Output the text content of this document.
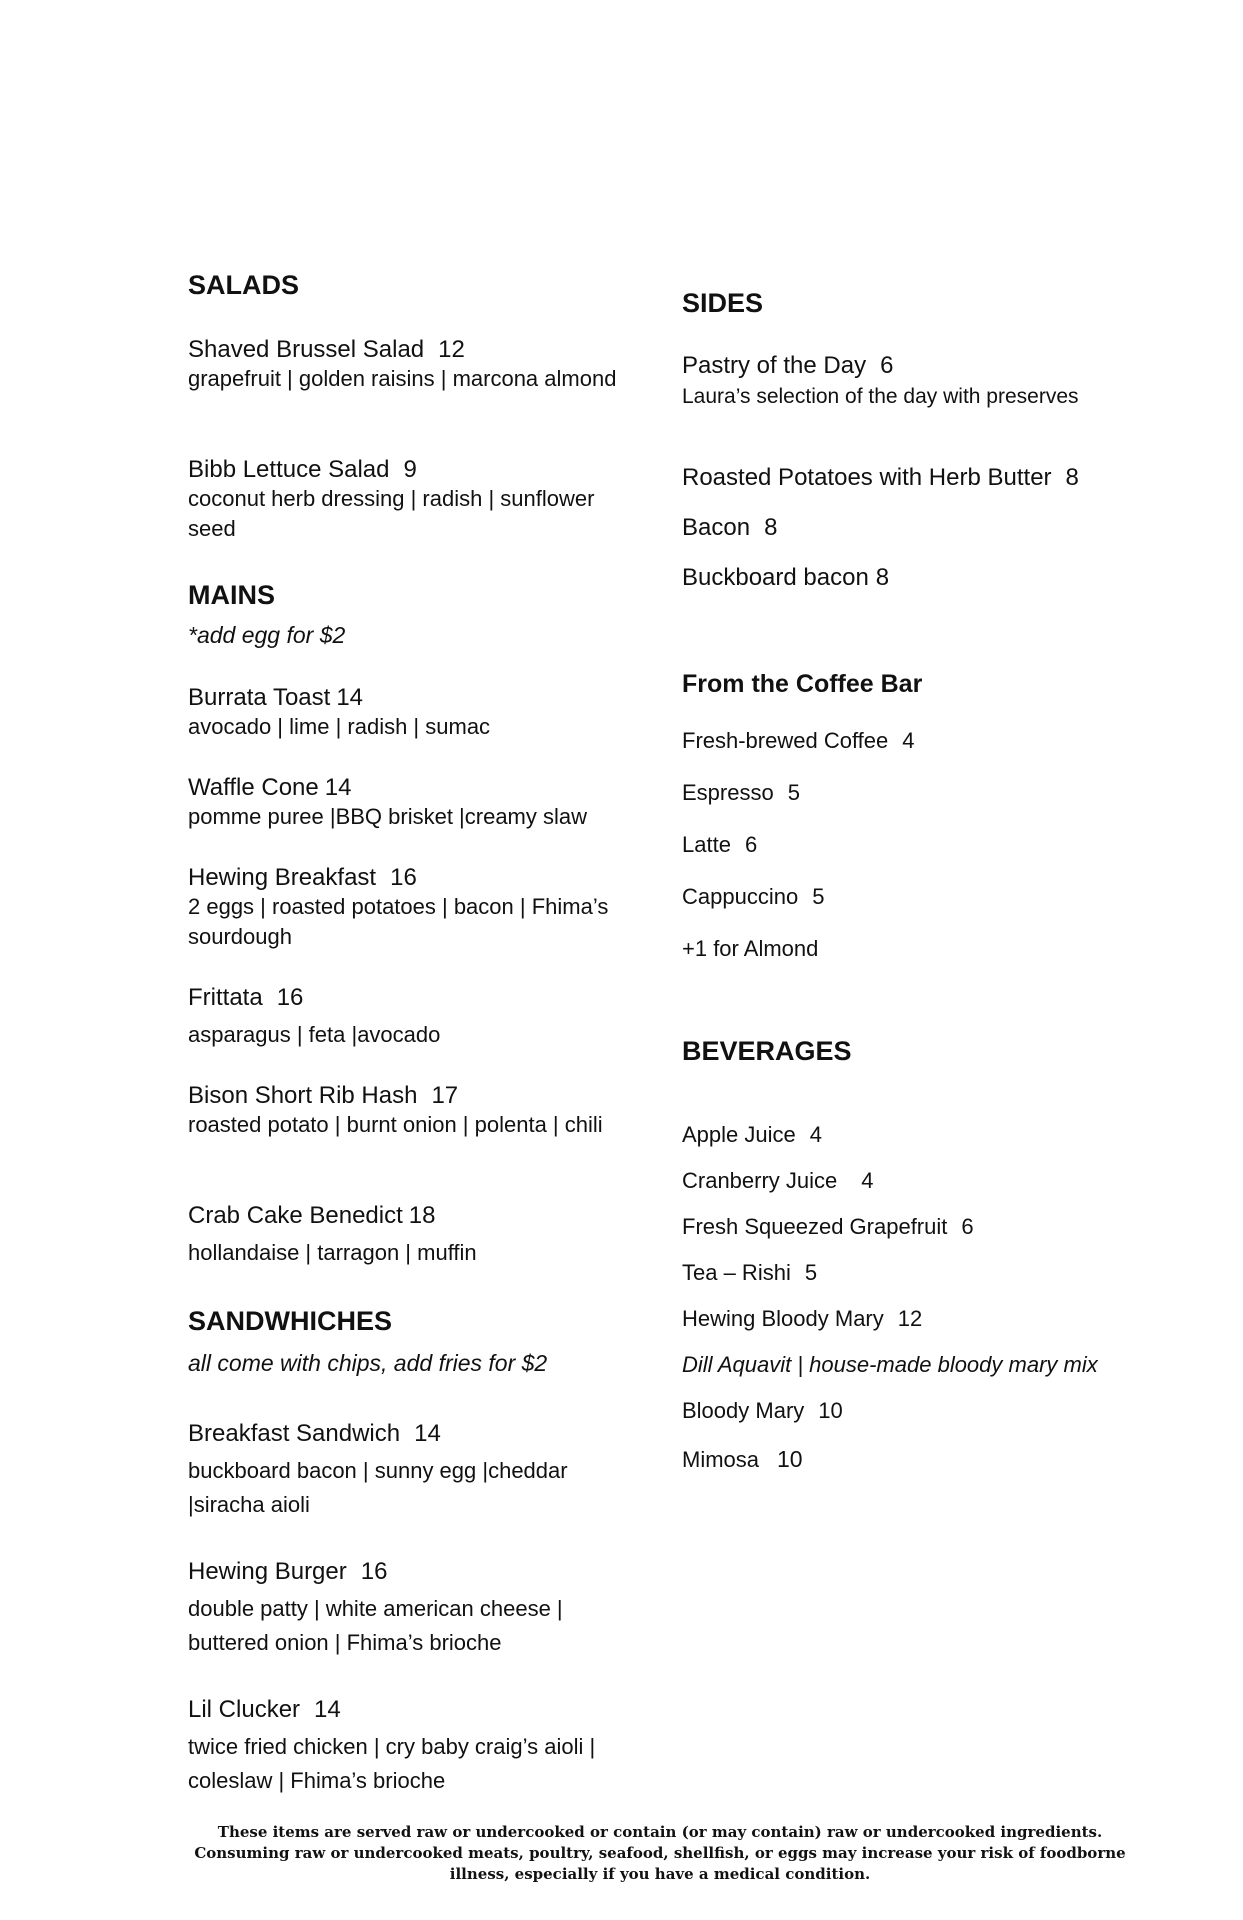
SALADS
Shaved Brussel Salad 12
grapefruit | golden raisins | marcona almond
Bibb Lettuce Salad 9
coconut herb dressing | radish | sunflower seed
MAINS
*add egg for $2
Burrata Toast 14
avocado | lime | radish | sumac
Waffle Cone 14
pomme puree |BBQ brisket |creamy slaw
Hewing Breakfast 16
2 eggs | roasted potatoes | bacon | Fhima’s sourdough
Frittata 16
asparagus | feta |avocado
Bison Short Rib Hash 17
roasted potato | burnt onion | polenta | chili
Crab Cake Benedict 18
hollandaise | tarragon | muffin
SANDWHICHES
all come with chips, add fries for $2
Breakfast Sandwich 14
buckboard bacon | sunny egg |cheddar |siracha aioli
Hewing Burger 16
double patty | white american cheese | buttered onion | Fhima’s brioche
Lil Clucker 14
twice fried chicken | cry baby craig’s aioli | coleslaw | Fhima’s brioche
SIDES
Pastry of the Day 6
Laura’s selection of the day with preserves
Roasted Potatoes with Herb Butter 8
Bacon 8
Buckboard bacon 8
From the Coffee Bar
Fresh-brewed Coffee 4
Espresso 5
Latte 6
Cappuccino 5
+1 for Almond
BEVERAGES
Apple Juice 4
Cranberry Juice 4
Fresh Squeezed Grapefruit 6
Tea – Rishi 5
Hewing Bloody Mary 12
Dill Aquavit | house-made bloody mary mix
Bloody Mary 10
Mimosa 10
These items are served raw or undercooked or contain (or may contain) raw or undercooked ingredients. Consuming raw or undercooked meats, poultry, seafood, shellfish, or eggs may increase your risk of foodborne illness, especially if you have a medical condition.
